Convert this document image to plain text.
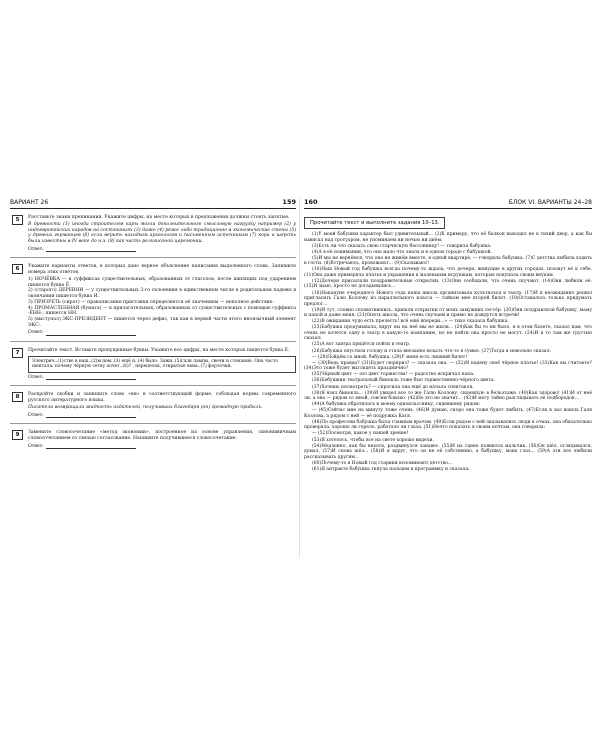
ВАРИАНТ 26	159
5	Расставьте знаки препинания. Укажите цифры, на месте которых в предложении должны стоять запятые.

В древности (1) иногда строителям кары могли дополнительного смысловую нагрузку например (2) у индоевропейских народов на состязаниях (3) даже (4) реже либо традиционно в экономические стены (5) у древних германцев (6) если верить находкам археологов и письменным источникам (7) кора и шерсть были известны в IV веке до н.э. (8) как часть религиозной церемонии.

Ответ:
6	Укажите варианты ответов, в которых дано верное объяснение написания выделенного слова. Запишите номера этих ответов.

1) НОЧЁВКА — в суффиксах существительных, образованных от глаголов, после шипящих под ударением пишется буква Ё.
2) (старого) ДЕРЕВНИ — у существительных 3-го склонения в единственном числе в родительном падеже в окончании пишется буква И.
3) ПРИЗРЕТЬ (сирот) — правописание приставки определяется её значением — неполное действие.
4) ПРОМАСЛЕННАЯ (бумага) — в прилагательных, образованных от существительных с помощью суффикса -ЕНН-, пишется НН.
5) (выступал) ЭКС-ПРЕЗИДЕНТ — пишется через дефис, так как в первой части этого иноязычный элемент ЭКС-.
Ответ:
7	Прочитайте текст. Вставьте пропущенные буквы. Укажите все цифры, на месте которых пишется буква Е.

Электрич..(1)ство в наш..(2)м дом..(3) ещё н..(4) было. Зажи..(5)гали лампы, свечи и стекание. Она часто шептала: почему чёрную сетку хочет..(6)? , перепелок, открытые окна..(7) форточки.
Ответ:
8	Раскройте скобки и запишите слово «ни» в соответствующей форме, соблюдая нормы современного русского литературного языка.

Писатели возвращали жадность издателей, получивших благодаря (он) громадную прибыль.

Ответ:
9	Замените словосочетание «метод экономии», построенное на основе управления, синонимичным словосочетанием со связью согласование. Напишите получившееся словосочетание.

Ответ:
160	БЛОК VI. ВАРИАНТЫ 24–28
Прочитайте текст и выполните задания 10–13.

(1)У моей бабушки характер был удивительный... (2)К примеру, что её балкон выходил не в тихий двор, а как бы нависал над тротуаром, не упоминаем ни ночью ни днём.

(3)Есть ли что сказать свою старческую бессонницу! — говорила бабушка.

(4)А в её понимании, что она мало что знала и в одном городе с бабушкой.

(5)И мы не вернёмся, что она не живём вместе, в одной квартире, — говорила бабушка. (7)С детства любила ходить в гости. (8)Встречаюсь, провожают... (9)Сказывают!

(10)Наш Новый год бабушка всегда почему-то ждала, что дочери, живущие в других городах, позовут её к себе. (11)Она даже примеряла платья и украшения к маленьким игрушкам, которые покупала своим внукам.

(12)Дочери присылали поздравительные открытки. (13)Они сообщали, что очень скучают. (14)Они любили её. (15)И знаю, просто не догадывались...

(16)Накануне очередного Нового года наша школа организовала культпоход в театр. (17)И я неожиданно решил пригласить Галю Козлову из параллельного класса — тайком мне второй билет. (18)Оставалось только придумать предлог...

(19)И тут, словно спохватившись, пришли открытки от моих замужних сестёр. (20)Они поздравляли бабушку, маму и папой и даже меня. (21)Опять школа, что очень скучаем и прямо не дождутся встречи!

(22)В ожидании чудо есть прелесть! всё ещё впереди...» — тихо сказала бабушка.

(23)Бабушка продумывала, вдруг вы на неё мы не жили... (24)Как бы то ни было, я в этом балете, сказал нам, что очень не хочется одну в театр в какую-то компанию, но не пойти она просто не могут. (24)И я то там же грустью сказал:

(25)А вот завтра придётся пойти в театр.

(26)Бабушка опустила голову и стала внезапно искать что-то в сумке. (27)Тогда я невольно сказал:

— (28)Пойдём со мной, бабушка. (29)У меня есть лишний билет!

— (30)Ведь правда? (31)Будет сюрприз? — сказала она. — (32)И надену своё чёрное платье! (33)Как вы считаете? (34)Это тоже будет выглядеть празднично?

(35)Чёрный цвет — это цвет торжества! — радостно вскричал папа.

(36)Бабушкин театральный бинокль тоже был торжественно-чёрного цвета.

(37)Хочешь посмотреть? — спросила она ещё до начала спектакля.

(38)Я взял бинокль... (39)И увидел все то же Галю Козлову, сидевшую в бельэтаже. (40)Как здорово! (41)И от неё ли, а она — рядом со мной, совсем близко. (42)Но это не значит... (43)И могу тайно разглядывать её подбородок...

(44)А бабушка обратилась к моему однокласснику, сидевшему рядом:

— (45)Сейчас мне на минуту тоже очень. (46)И думаю, скоро она тоже будет любить. (47)Если в зал вошла Галя Козлова, а рядом с ней — её подружка Катя.

(48)По профессии бабушка была главным врачом. (49)Если рядом с ней оказывались люди в очках, она обязательно проверяла, хорошо ли горело, работало ли глаза. (51)Нечто показать я своим почтам, она говорила:

— (52)Посмотри, какое у нашей зрение!

(53)Я хотелось, чтобы все на свете хорошо видели.

(54)Медленно, как бы нехотя, раздвинулся занавес. (55)И на сцене появился мальчик. (56)Он шёл, оглядывался, думал. (57)И снова шёл... (58)И я вдруг, что он не её собственно, а бабушку, моих глаз... (59)А эти все любили рассказывать другим...

(60)Почему-то в Новый год старики вспоминают детство...

(61)Я антракте бабушка ткнула пальцем в программку и сказала:
